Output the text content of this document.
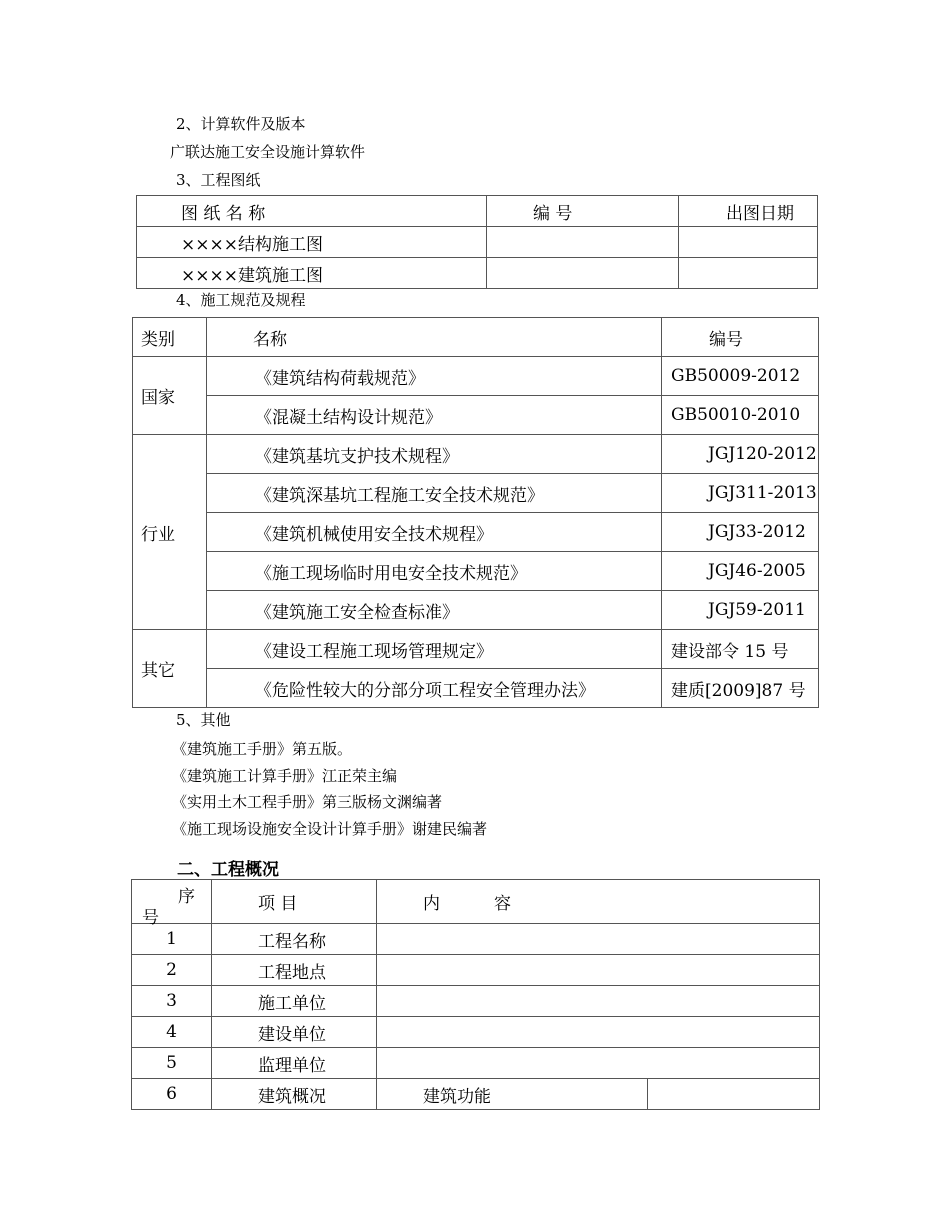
2、计算软件及版本
广联达施工安全设施计算软件
3、工程图纸
图 纸 名 称	编 号	出图日期
××××结构施工图		
××××建筑施工图		
4、施工规范及规程
类别	名称	编号
国家	《建筑结构荷载规范》	GB50009-2012
	《混凝土结构设计规范》	GB50010-2010
行业	《建筑基坑支护技术规程》	JGJ120-2012
	《建筑深基坑工程施工安全技术规范》	JGJ311-2013
	《建筑机械使用安全技术规程》	JGJ33-2012
	《施工现场临时用电安全技术规范》	JGJ46-2005
	《建筑施工安全检查标准》	JGJ59-2011
其它	《建设工程施工现场管理规定》	建设部令 15 号
	《危险性较大的分部分项工程安全管理办法》	建质[2009]87 号
5、其他
《建筑施工手册》第五版。
《建筑施工计算手册》江正荣主编
《实用土木工程手册》第三版杨文渊编著
《施工现场设施安全设计计算手册》谢建民编著
二、工程概况
序
号	项 目	内          容	
1	工程名称		
2	工程地点		
3	施工单位		
4	建设单位		
5	监理单位		
6	建筑概况	建筑功能	
